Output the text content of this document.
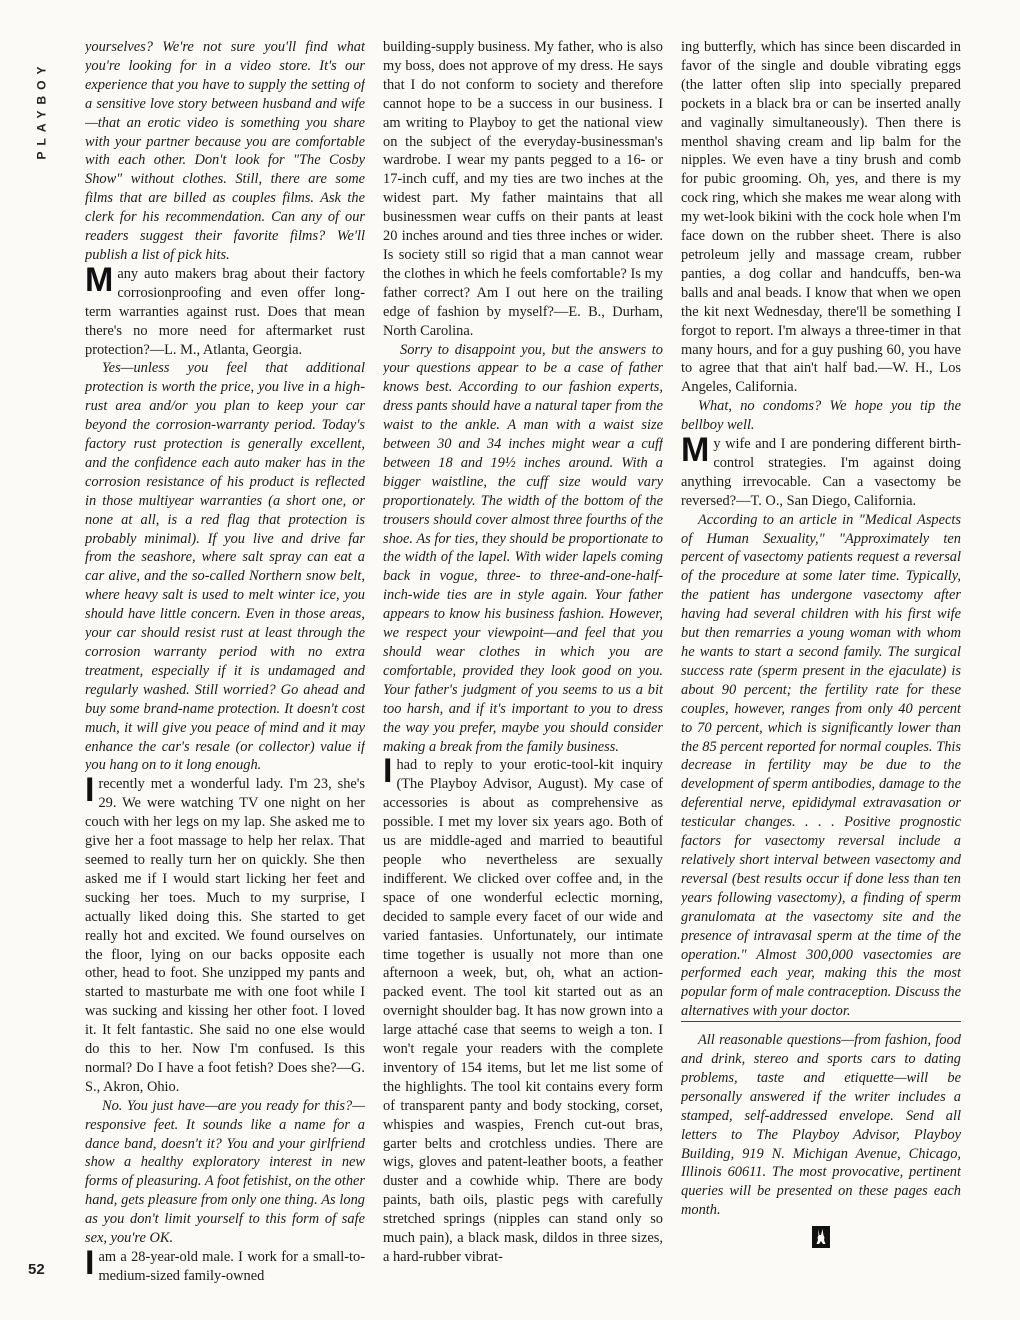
PLAYBOY

yourselves? We're not sure you'll find what you're looking for in a video store. It's our experience that you have to supply the setting of a sensitive love story between husband and wife—that an erotic video is something you share with your partner because you are comfortable with each other. Don't look for "The Cosby Show" without clothes. Still, there are some films that are billed as couples films. Ask the clerk for his recommendation. Can any of our readers suggest their favorite films? We'll publish a list of pick hits.

Many auto makers brag about their factory corrosionproofing and even offer long-term warranties against rust. Does that mean there's no more need for aftermarket rust protection?—L. M., Atlanta, Georgia.

Yes—unless you feel that additional protection is worth the price, you live in a high-rust area and/or you plan to keep your car beyond the corrosion-warranty period. Today's factory rust protection is generally excellent, and the confidence each auto maker has in the corrosion resistance of his product is reflected in those multiyear warranties (a short one, or none at all, is a red flag that protection is probably minimal). If you live and drive far from the seashore, where salt spray can eat a car alive, and the so-called Northern snow belt, where heavy salt is used to melt winter ice, you should have little concern. Even in those areas, your car should resist rust at least through the corrosion warranty period with no extra treatment, especially if it is undamaged and regularly washed. Still worried? Go ahead and buy some brand-name protection. It doesn't cost much, it will give you peace of mind and it may enhance the car's resale (or collector) value if you hang on to it long enough.

Irecently met a wonderful lady. I'm 23, she's 29. We were watching TV one night on her couch with her legs on my lap. She asked me to give her a foot massage to help her relax. That seemed to really turn her on quickly. She then asked me if I would start licking her feet and sucking her toes. Much to my surprise, I actually liked doing this. She started to get really hot and excited. We found ourselves on the floor, lying on our backs opposite each other, head to foot. She unzipped my pants and started to masturbate me with one foot while I was sucking and kissing her other foot. I loved it. It felt fantastic. She said no one else would do this to her. Now I'm confused. Is this normal? Do I have a foot fetish? Does she?—G. S., Akron, Ohio.

No. You just have—are you ready for this?—responsive feet. It sounds like a name for a dance band, doesn't it? You and your girlfriend show a healthy exploratory interest in new forms of pleasuring. A foot fetishist, on the other hand, gets pleasure from only one thing. As long as you don't limit yourself to this form of safe sex, you're OK.

Iam a 28-year-old male. I work for a small-to-medium-sized family-owned

building-supply business. My father, who is also my boss, does not approve of my dress. He says that I do not conform to society and therefore cannot hope to be a success in our business. I am writing to Playboy to get the national view on the subject of the everyday-businessman's wardrobe. I wear my pants pegged to a 16- or 17-inch cuff, and my ties are two inches at the widest part. My father maintains that all businessmen wear cuffs on their pants at least 20 inches around and ties three inches or wider. Is society still so rigid that a man cannot wear the clothes in which he feels comfortable? Is my father correct? Am I out here on the trailing edge of fashion by myself?—E. B., Durham, North Carolina.

Sorry to disappoint you, but the answers to your questions appear to be a case of father knows best. According to our fashion experts, dress pants should have a natural taper from the waist to the ankle. A man with a waist size between 30 and 34 inches might wear a cuff between 18 and 19½ inches around. With a bigger waistline, the cuff size would vary proportionately. The width of the bottom of the trousers should cover almost three fourths of the shoe. As for ties, they should be proportionate to the width of the lapel. With wider lapels coming back in vogue, three- to three-and-one-half-inch-wide ties are in style again. Your father appears to know his business fashion. However, we respect your viewpoint—and feel that you should wear clothes in which you are comfortable, provided they look good on you. Your father's judgment of you seems to us a bit too harsh, and if it's important to you to dress the way you prefer, maybe you should consider making a break from the family business.

Ihad to reply to your erotic-tool-kit inquiry (The Playboy Advisor, August). My case of accessories is about as comprehensive as possible. I met my lover six years ago. Both of us are middle-aged and married to beautiful people who nevertheless are sexually indifferent. We clicked over coffee and, in the space of one wonderful eclectic morning, decided to sample every facet of our wide and varied fantasies. Unfortunately, our intimate time together is usually not more than one afternoon a week, but, oh, what an action-packed event. The tool kit started out as an overnight shoulder bag. It has now grown into a large attaché case that seems to weigh a ton. I won't regale your readers with the complete inventory of 154 items, but let me list some of the highlights. The tool kit contains every form of transparent panty and body stocking, corset, whispies and waspies, French cut-out bras, garter belts and crotchless undies. There are wigs, gloves and patent-leather boots, a feather duster and a cowhide whip. There are body paints, bath oils, plastic pegs with carefully stretched springs (nipples can stand only so much pain), a black mask, dildos in three sizes, a hard-rubber vibrat-

ing butterfly, which has since been discarded in favor of the single and double vibrating eggs (the latter often slip into specially prepared pockets in a black bra or can be inserted anally and vaginally simultaneously). Then there is menthol shaving cream and lip balm for the nipples. We even have a tiny brush and comb for pubic grooming. Oh, yes, and there is my cock ring, which she makes me wear along with my wet-look bikini with the cock hole when I'm face down on the rubber sheet. There is also petroleum jelly and massage cream, rubber panties, a dog collar and handcuffs, ben-wa balls and anal beads. I know that when we open the kit next Wednesday, there'll be something I forgot to report. I'm always a three-timer in that many hours, and for a guy pushing 60, you have to agree that that ain't half bad.—W. H., Los Angeles, California.

What, no condoms? We hope you tip the bellboy well.

My wife and I are pondering different birth-control strategies. I'm against doing anything irrevocable. Can a vasectomy be reversed?—T. O., San Diego, California.

According to an article in "Medical Aspects of Human Sexuality," "Approximately ten percent of vasectomy patients request a reversal of the procedure at some later time. Typically, the patient has undergone vasectomy after having had several children with his first wife but then remarries a young woman with whom he wants to start a second family. The surgical success rate (sperm present in the ejaculate) is about 90 percent; the fertility rate for these couples, however, ranges from only 40 percent to 70 percent, which is significantly lower than the 85 percent reported for normal couples. This decrease in fertility may be due to the development of sperm antibodies, damage to the deferential nerve, epididymal extravasation or testicular changes. . . . Positive prognostic factors for vasectomy reversal include a relatively short interval between vasectomy and reversal (best results occur if done less than ten years following vasectomy), a finding of sperm granulomata at the vasectomy site and the presence of intravasal sperm at the time of the operation." Almost 300,000 vasectomies are performed each year, making this the most popular form of male contraception. Discuss the alternatives with your doctor.

All reasonable questions—from fashion, food and drink, stereo and sports cars to dating problems, taste and etiquette—will be personally answered if the writer includes a stamped, self-addressed envelope. Send all letters to The Playboy Advisor, Playboy Building, 919 N. Michigan Avenue, Chicago, Illinois 60611. The most provocative, pertinent queries will be presented on these pages each month.

52
